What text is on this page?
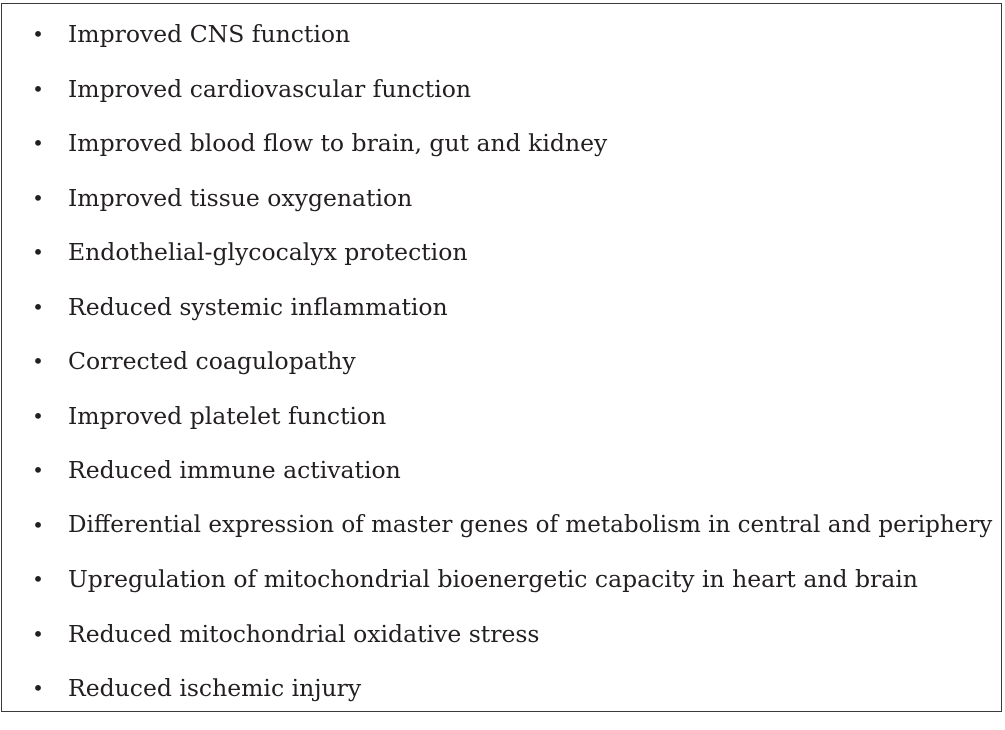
• Improved CNS function
• Improved cardiovascular function
• Improved blood flow to brain, gut and kidney
• Improved tissue oxygenation
• Endothelial-glycocalyx protection
• Reduced systemic inflammation
• Corrected coagulopathy
• Improved platelet function
• Reduced immune activation
• Differential expression of master genes of metabolism in central and periphery
• Upregulation of mitochondrial bioenergetic capacity in heart and brain
• Reduced mitochondrial oxidative stress
• Reduced ischemic injury
